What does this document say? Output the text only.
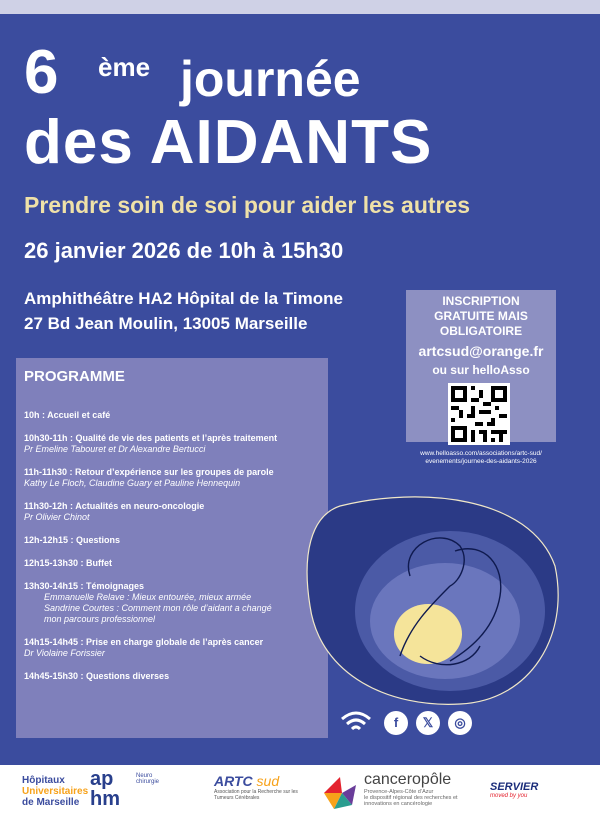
6 ème journée
des AIDANTS
Prendre soin de soi pour aider les autres
26 janvier 2026 de 10h à 15h30
Amphithéâtre HA2 Hôpital de la Timone
27 Bd Jean Moulin, 13005 Marseille
INSCRIPTION
GRATUITE MAIS
OBLIGATOIRE
artcsud@orange.fr
ou sur helloAsso
www.helloasso.com/associations/artc-sud/
evenements/journee-des-aidants-2026
PROGRAMME
10h : Accueil et café
10h30-11h : Qualité de vie des patients et l’après traitement
Pr Emeline Tabouret et Dr Alexandre Bertucci
11h-11h30 : Retour d’expérience sur les groupes de parole
Kathy Le Floch, Claudine Guary et Pauline Hennequin
11h30-12h : Actualités en neuro-oncologie
Pr Olivier Chinot
12h-12h15 : Questions
12h15-13h30 : Buffet
13h30-14h15 : Témoignages
Emmanuelle Relave : Mieux entourée, mieux armée
Sandrine Courtes : Comment mon rôle d’aidant a changé
mon parcours professionnel
14h15-14h45 : Prise en charge globale de l’après cancer
Dr Violaine Forissier
14h45-15h30 : Questions diverses
f	𝕏	◎
Hôpitaux
Universitaires
de Marseille
ap
hm
Neuro chirurgie	ARTC sud
Association pour la Recherche sur les Tumeurs Cérébrales
canceropôle
Provence-Alpes-Côte d’Azur
le dispositif régional des recherches et innovations en cancérologie
SERVIER
moved by you
